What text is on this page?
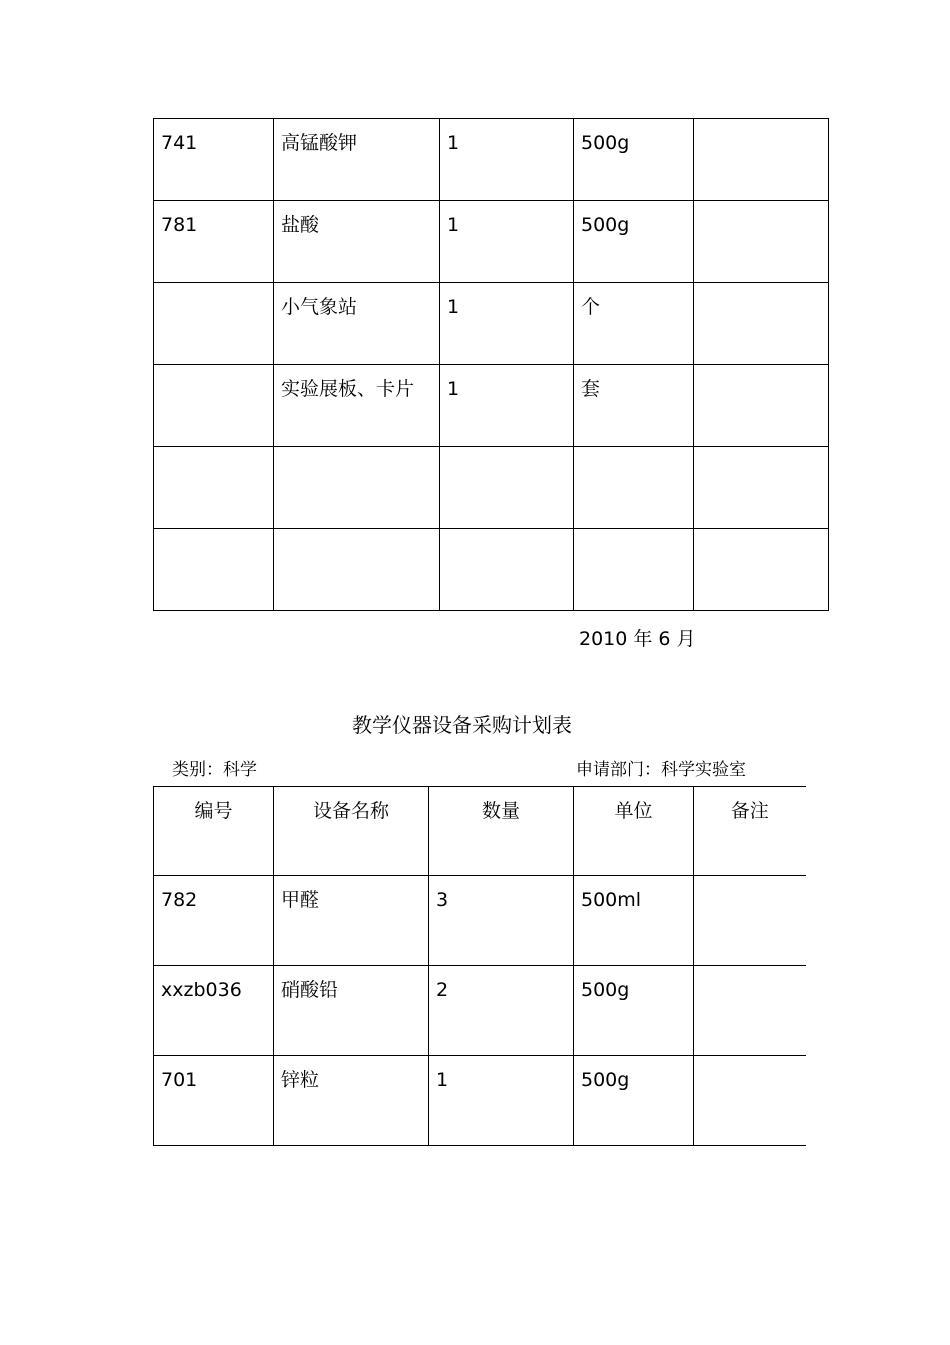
741	高锰酸钾	1	500g	
781	盐酸	1	500g	
	小气象站	1	个	
	实验展板、卡片	1	套	

2010 年 6 月
教学仪器设备采购计划表
类别：科学	申请部门：科学实验室
编号	设备名称	数量	单位	备注
782	甲醛	3	500ml	
xxzb036	硝酸铅	2	500g	
701	锌粒	1	500g	
